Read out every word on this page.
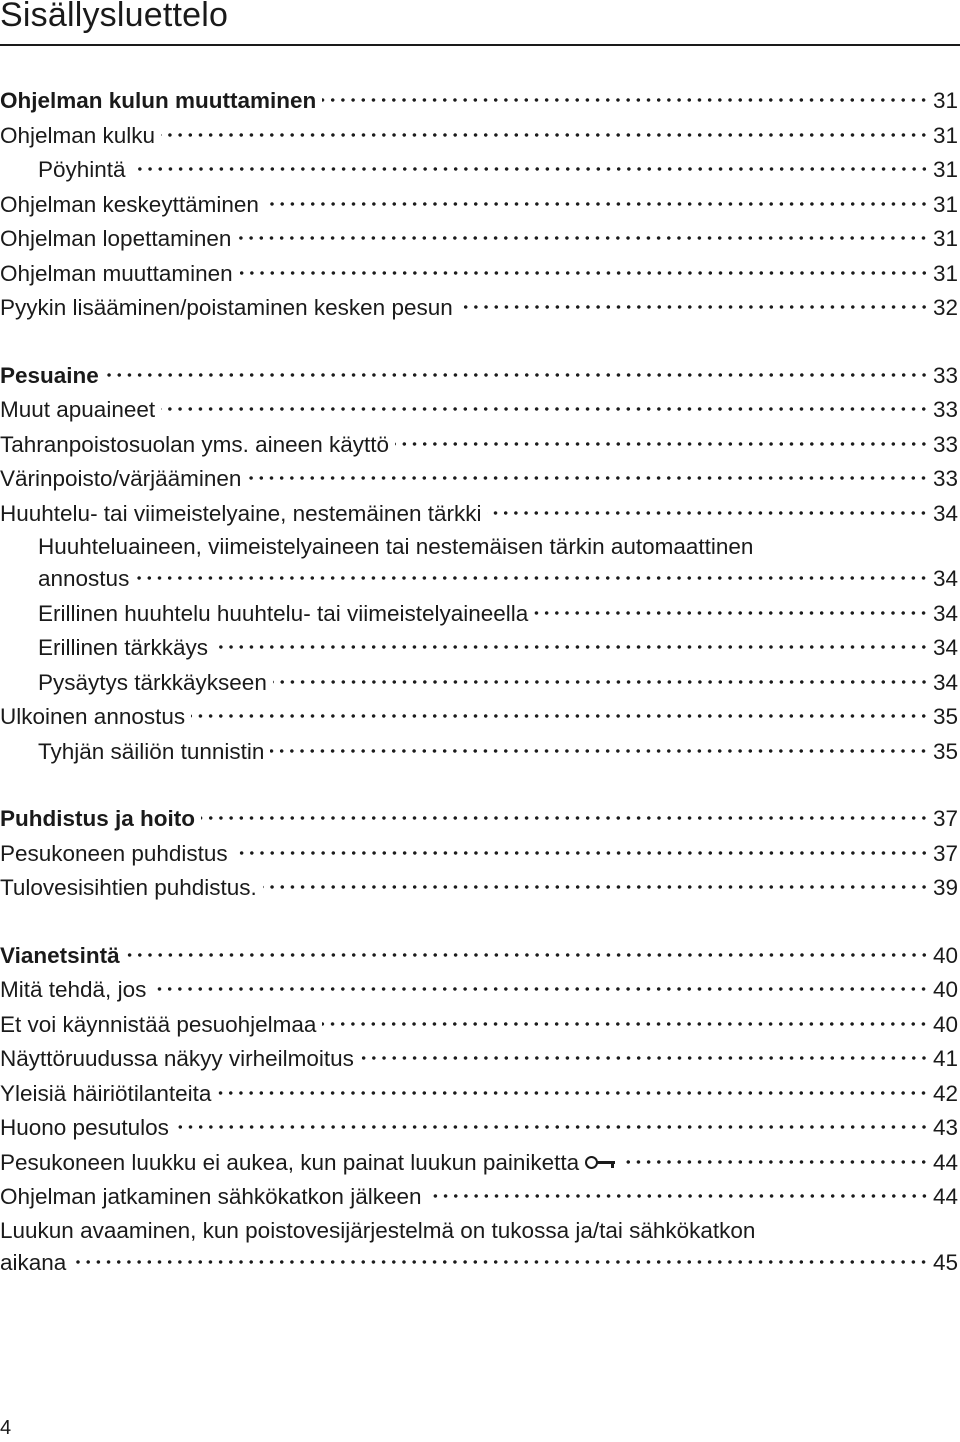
Sisällysluettelo
Ohjelman kulun muuttaminen	31
Ohjelman kulku	31
Pöyhintä	31
Ohjelman keskeyttäminen	31
Ohjelman lopettaminen	31
Ohjelman muuttaminen	31
Pyykin lisääminen/poistaminen kesken pesun	32
Pesuaine	33
Muut apuaineet	33
Tahranpoistosuolan yms. aineen käyttö	33
Värinpoisto/värjääminen	33
Huuhtelu- tai viimeistelyaine, nestemäinen tärkki	34
Huuhteluaineen, viimeistelyaineen tai nestemäisen tärkin automaattinen
annostus	34
Erillinen huuhtelu huuhtelu- tai viimeistelyaineella	34
Erillinen tärkkäys	34
Pysäytys tärkkäykseen	34
Ulkoinen annostus	35
Tyhjän säiliön tunnistin	35
Puhdistus ja hoito	37
Pesukoneen puhdistus	37
Tulovesisihtien puhdistus.	39
Vianetsintä	40
Mitä tehdä, jos	40
Et voi käynnistää pesuohjelmaa	40
Näyttöruudussa näkyy virheilmoitus	41
Yleisiä häiriötilanteita	42
Huono pesutulos	43
Pesukoneen luukku ei aukea, kun painat luukun painiketta	44
Ohjelman jatkaminen sähkökatkon jälkeen	44
Luukun avaaminen, kun poistovesijärjestelmä on tukossa ja/tai sähkökatkon
aikana	45
4
